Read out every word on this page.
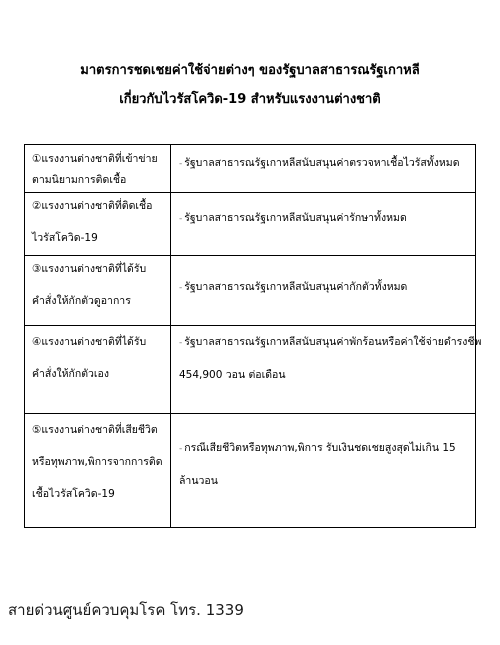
มาตรการชดเชยค่าใช้จ่ายต่างๆ ของรัฐบาลสาธารณรัฐเกาหลี
เกี่ยวกับไวรัสโควิด-19 สำหรับแรงงานต่างชาติ
①แรงงานต่างชาติที่เข้าข่าย
ตามนิยามการติดเชื้อ	- รัฐบาลสาธารณรัฐเกาหลีสนับสนุนค่าตรวจหาเชื้อไวรัสทั้งหมด

②แรงงานต่างชาติที่ติดเชื้อ
ไวรัสโควิด-19	- รัฐบาลสาธารณรัฐเกาหลีสนับสนุนค่ารักษาทั้งหมด

③แรงงานต่างชาติที่ได้รับ
คำสั่งให้กักตัวดูอาการ	- รัฐบาลสาธารณรัฐเกาหลีสนับสนุนค่ากักตัวทั้งหมด

④แรงงานต่างชาติที่ได้รับ
คำสั่งให้กักตัวเอง	- รัฐบาลสาธารณรัฐเกาหลีสนับสนุนค่าพักร้อนหรือค่าใช้จ่ายดำรงชีพ
454,900 วอน ต่อเดือน

⑤แรงงานต่างชาติที่เสียชีวิต
หรือทุพภาพ,พิการจากการติด
เชื้อไวรัสโควิด-19	- กรณีเสียชีวิตหรือทุพภาพ,พิการ รับเงินชดเชยสูงสุดไม่เกิน 15
ล้านวอน
สายด่วนศูนย์ควบคุมโรค โทร. 1339
